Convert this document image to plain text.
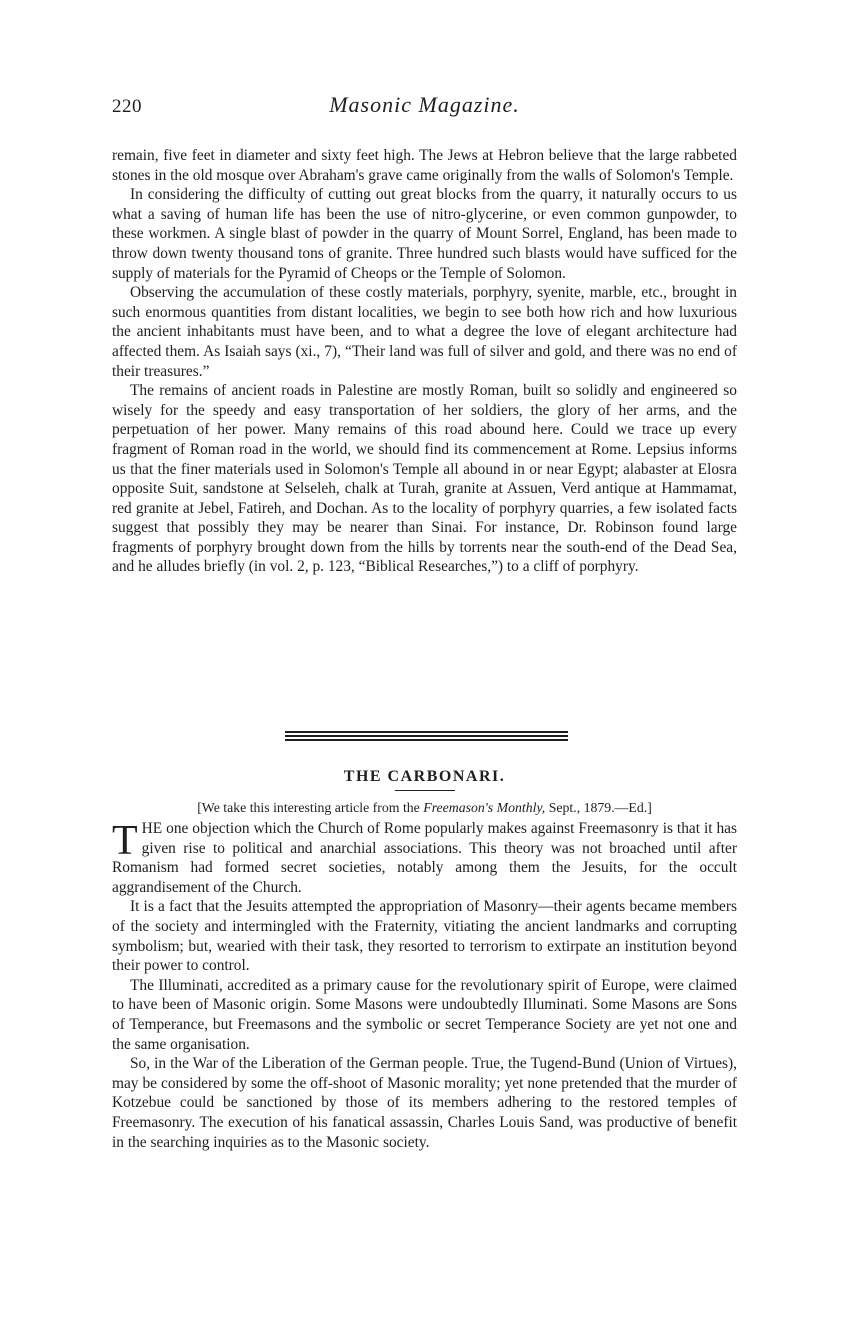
220	Masonic Magazine.

remain, five feet in diameter and sixty feet high. The Jews at Hebron believe that the large rabbeted stones in the old mosque over Abraham's grave came originally from the walls of Solomon's Temple.

In considering the difficulty of cutting out great blocks from the quarry, it naturally occurs to us what a saving of human life has been the use of nitro-glycerine, or even common gunpowder, to these workmen. A single blast of powder in the quarry of Mount Sorrel, England, has been made to throw down twenty thousand tons of granite. Three hundred such blasts would have sufficed for the supply of materials for the Pyramid of Cheops or the Temple of Solomon.

Observing the accumulation of these costly materials, porphyry, syenite, marble, etc., brought in such enormous quantities from distant localities, we begin to see both how rich and how luxurious the ancient inhabitants must have been, and to what a degree the love of elegant architecture had affected them. As Isaiah says (xi., 7), “Their land was full of silver and gold, and there was no end of their treasures.”

The remains of ancient roads in Palestine are mostly Roman, built so solidly and engineered so wisely for the speedy and easy transportation of her soldiers, the glory of her arms, and the perpetuation of her power. Many remains of this road abound here. Could we trace up every fragment of Roman road in the world, we should find its commencement at Rome. Lepsius informs us that the finer materials used in Solomon's Temple all abound in or near Egypt; alabaster at Elosra opposite Suit, sandstone at Selseleh, chalk at Turah, granite at Assuen, Verd antique at Hammamat, red granite at Jebel, Fatireh, and Dochan. As to the locality of porphyry quarries, a few isolated facts suggest that possibly they may be nearer than Sinai. For instance, Dr. Robinson found large fragments of porphyry brought down from the hills by torrents near the south-end of the Dead Sea, and he alludes briefly (in vol. 2, p. 123, “Biblical Researches,”) to a cliff of porphyry.

THE CARBONARI.

[We take this interesting article from the Freemason's Monthly, Sept., 1879.—Ed.]

THE one objection which the Church of Rome popularly makes against Freemasonry is that it has given rise to political and anarchial associations. This theory was not broached until after Romanism had formed secret societies, notably among them the Jesuits, for the occult aggrandisement of the Church.

It is a fact that the Jesuits attempted the appropriation of Masonry—their agents became members of the society and intermingled with the Fraternity, vitiating the ancient landmarks and corrupting symbolism; but, wearied with their task, they resorted to terrorism to extirpate an institution beyond their power to control.

The Illuminati, accredited as a primary cause for the revolutionary spirit of Europe, were claimed to have been of Masonic origin. Some Masons were undoubtedly Illuminati. Some Masons are Sons of Temperance, but Freemasons and the symbolic or secret Temperance Society are yet not one and the same organisation.

So, in the War of the Liberation of the German people. True, the Tugend-Bund (Union of Virtues), may be considered by some the off-shoot of Masonic morality; yet none pretended that the murder of Kotzebue could be sanctioned by those of its members adhering to the restored temples of Freemasonry. The execution of his fanatical assassin, Charles Louis Sand, was productive of benefit in the searching inquiries as to the Masonic society.
